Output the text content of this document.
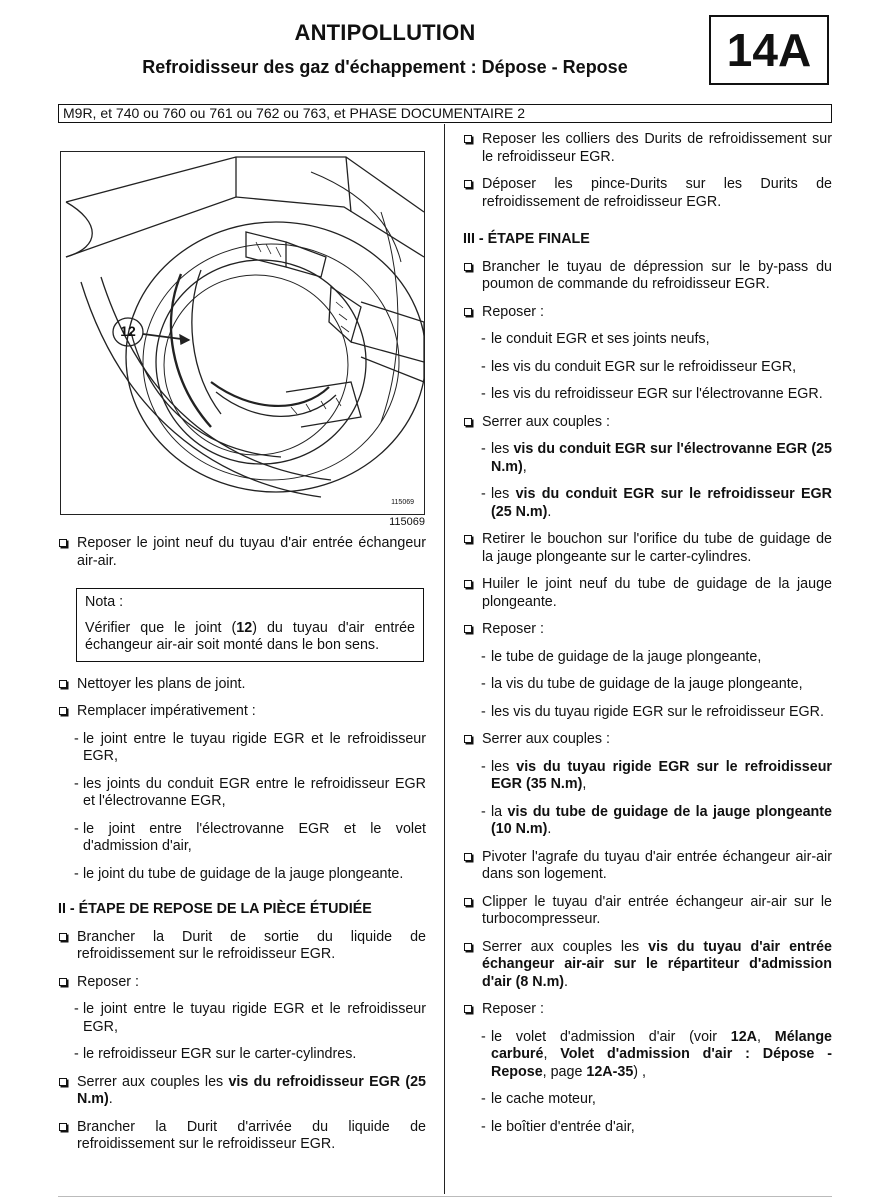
ANTIPOLLUTION
Refroidisseur des gaz d'échappement : Dépose - Repose	14A
M9R, et 740 ou 760 ou 761 ou 762 ou 763, et PHASE DOCUMENTAIRE 2
12
115069
115069
Reposer le joint neuf du tuyau d'air entrée échangeur air-air.
Nota :
Vérifier que le joint (12) du tuyau d'air entrée échangeur air-air soit monté dans le bon sens.
Nettoyer les plans de joint.
Remplacer impérativement :
- le joint entre le tuyau rigide EGR et le refroidisseur EGR,
- les joints du conduit EGR entre le refroidisseur EGR et l'électrovanne EGR,
- le joint entre l'électrovanne EGR et le volet d'admission d'air,
- le joint du tube de guidage de la jauge plongeante.
II - ÉTAPE DE REPOSE DE LA PIÈCE ÉTUDIÉE
Brancher la Durit de sortie du liquide de refroidissement sur le refroidisseur EGR.
Reposer :
- le joint entre le tuyau rigide EGR et le refroidisseur EGR,
- le refroidisseur EGR sur le carter-cylindres.
Serrer aux couples les vis du refroidisseur EGR (25 N.m).
Brancher la Durit d'arrivée du liquide de refroidissement sur le refroidisseur EGR.
Reposer les colliers des Durits de refroidissement sur le refroidisseur EGR.
Déposer les pince-Durits sur les Durits de refroidissement de refroidisseur EGR.
III - ÉTAPE FINALE
Brancher le tuyau de dépression sur le by-pass du poumon de commande du refroidisseur EGR.
Reposer :
- le conduit EGR et ses joints neufs,
- les vis du conduit EGR sur le refroidisseur EGR,
- les vis du refroidisseur EGR sur l'électrovanne EGR.
Serrer aux couples :
- les vis du conduit EGR sur l'électrovanne EGR (25 N.m),
- les vis du conduit EGR sur le refroidisseur EGR (25 N.m).
Retirer le bouchon sur l'orifice du tube de guidage de la jauge plongeante sur le carter-cylindres.
Huiler le joint neuf du tube de guidage de la jauge plongeante.
Reposer :
- le tube de guidage de la jauge plongeante,
- la vis du tube de guidage de la jauge plongeante,
- les vis du tuyau rigide EGR sur le refroidisseur EGR.
Serrer aux couples :
- les vis du tuyau rigide EGR sur le refroidisseur EGR (35 N.m),
- la vis du tube de guidage de la jauge plongeante (10 N.m).
Pivoter l'agrafe du tuyau d'air entrée échangeur air-air dans son logement.
Clipper le tuyau d'air entrée échangeur air-air sur le turbocompresseur.
Serrer aux couples les vis du tuyau d'air entrée échangeur air-air sur le répartiteur d'admission d'air (8 N.m).
Reposer :
- le volet d'admission d'air (voir 12A, Mélange carburé, Volet d'admission d'air : Dépose - Repose, page 12A-35) ,
- le cache moteur,
- le boîtier d'entrée d'air,
